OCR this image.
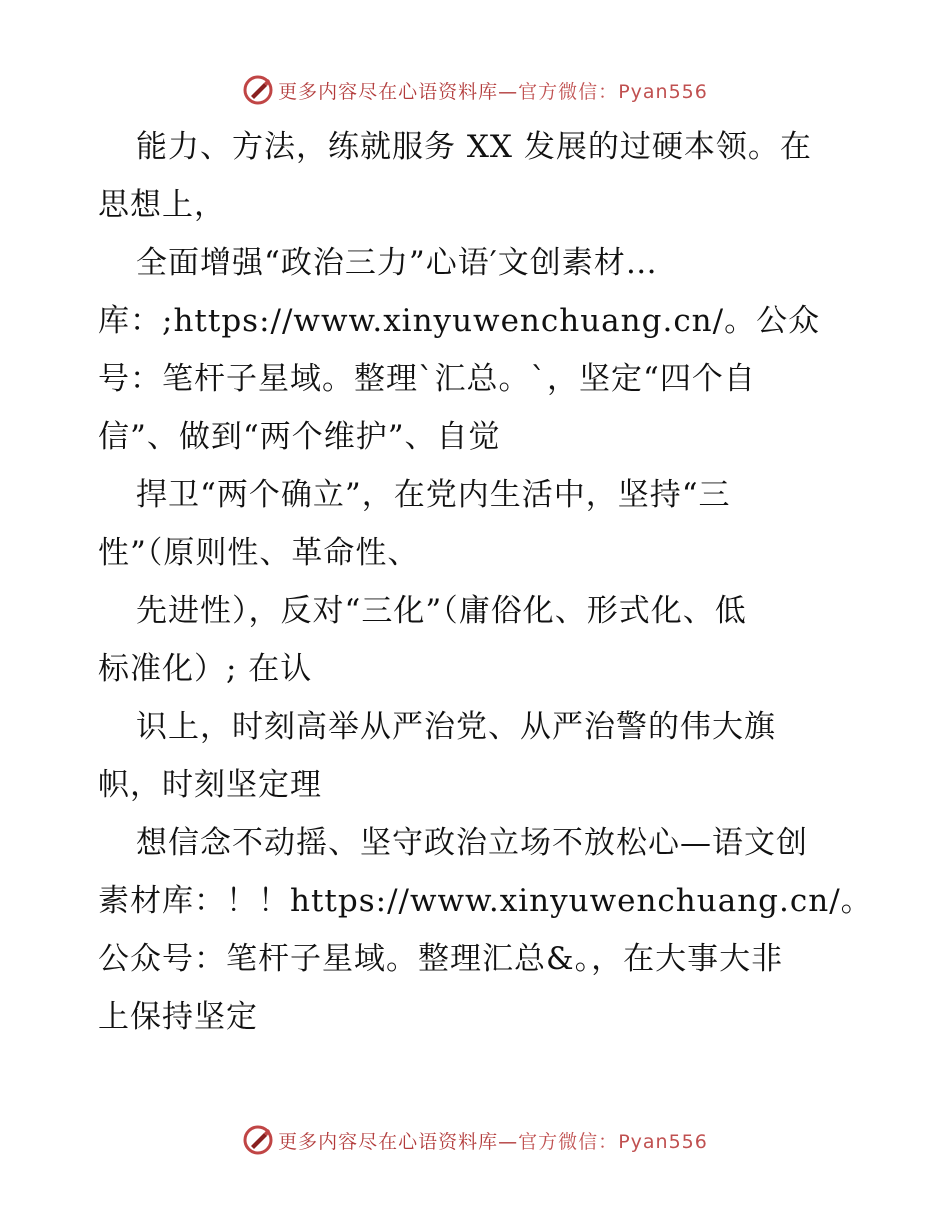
更多内容尽在心语资料库—官方微信：Pyan556
能力、方法，练就服务 XX 发展的过硬本领。在
思想上，
全面增强“政治三力”心语′文创素材…
库：;https://www.xinyuwenchuang.cn/。公众
号：笔杆子星域。整理`汇总。`，坚定“四个自
信”、做到“两个维护”、自觉
捍卫“两个确立”，在党内生活中，坚持“三
性”（原则性、革命性、
先进性），反对“三化”（庸俗化、形式化、低
标准化）; 在认
识上，时刻高举从严治党、从严治警的伟大旗
帜，时刻坚定理
想信念不动摇、坚守政治立场不放松心—语文创
素材库：！！https://www.xinyuwenchuang.cn/。
公众号：笔杆子星域。整理汇总&。，在大事大非
上保持坚定
更多内容尽在心语资料库—官方微信：Pyan556
